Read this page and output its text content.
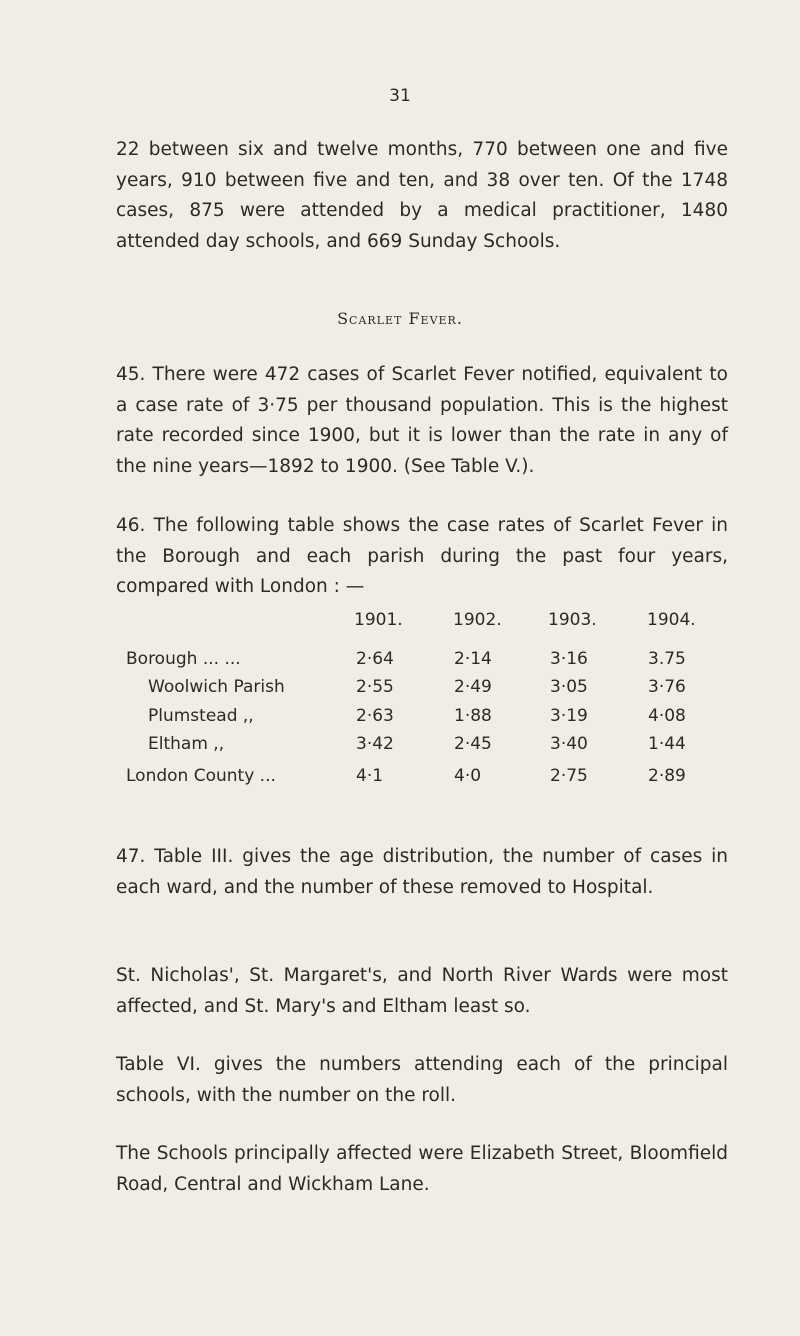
31

22 between six and twelve months, 770 between one and five years, 910 between five and ten, and 38 over ten. Of the 1748 cases, 875 were attended by a medical practitioner, 1480 attended day schools, and 669 Sunday Schools.

Scarlet Fever.

45. There were 472 cases of Scarlet Fever notified, equivalent to a case rate of 3·75 per thousand population. This is the highest rate recorded since 1900, but it is lower than the rate in any of the nine years—1892 to 1900. (See Table V.).

46. The following table shows the case rates of Scarlet Fever in the Borough and each parish during the past four years, compared with London : —

1901.	1902.	1903.	1904.
Borough ... ...	2·64	2·14	3·16	3.75
Woolwich Parish	2·55	2·49	3·05	3·76
Plumstead ,,	2·63	1·88	3·19	4·08
Eltham ,,	3·42	2·45	3·40	1·44
London County ...	4·1	4·0	2·75	2·89

47. Table III. gives the age distribution, the number of cases in each ward, and the number of these removed to Hospital.

St. Nicholas', St. Margaret's, and North River Wards were most affected, and St. Mary's and Eltham least so.

Table VI. gives the numbers attending each of the principal schools, with the number on the roll.

The Schools principally affected were Elizabeth Street, Bloomfield Road, Central and Wickham Lane.
